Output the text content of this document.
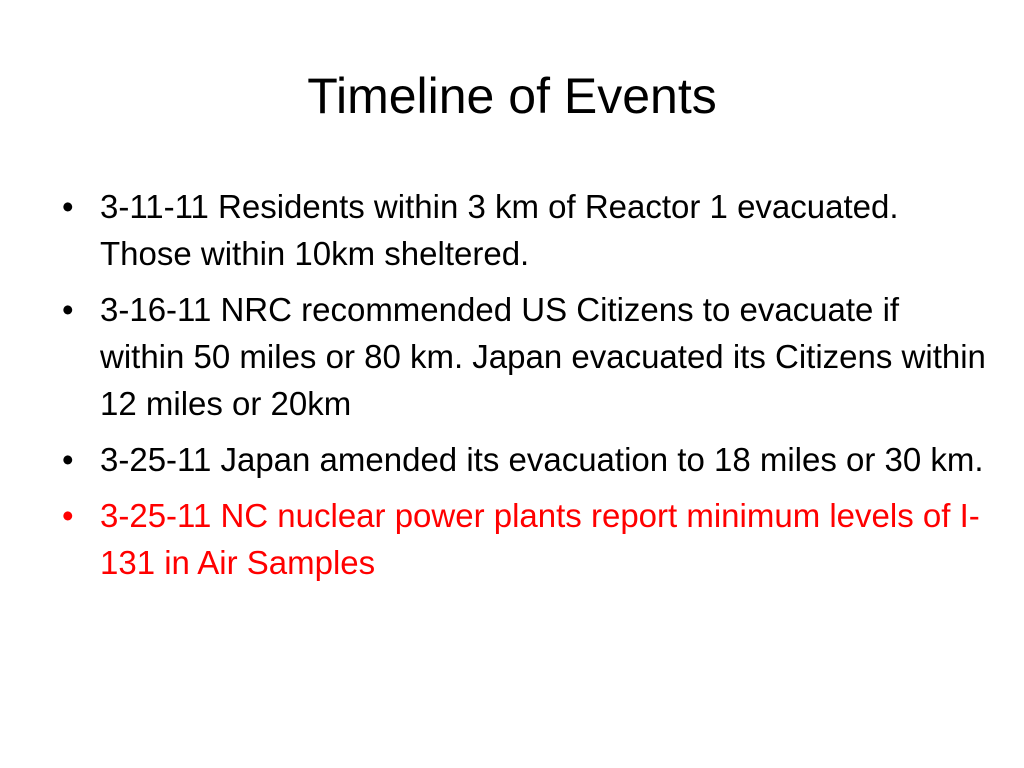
Timeline of Events
• 3-11-11 Residents within 3 km of Reactor 1 evacuated. Those within 10km sheltered.
• 3-16-11 NRC recommended US Citizens to evacuate if within 50 miles or 80 km. Japan evacuated its Citizens within 12 miles or 20km
• 3-25-11 Japan amended its evacuation to 18 miles or 30 km.
• 3-25-11 NC nuclear power plants report minimum levels of I-131 in Air Samples
